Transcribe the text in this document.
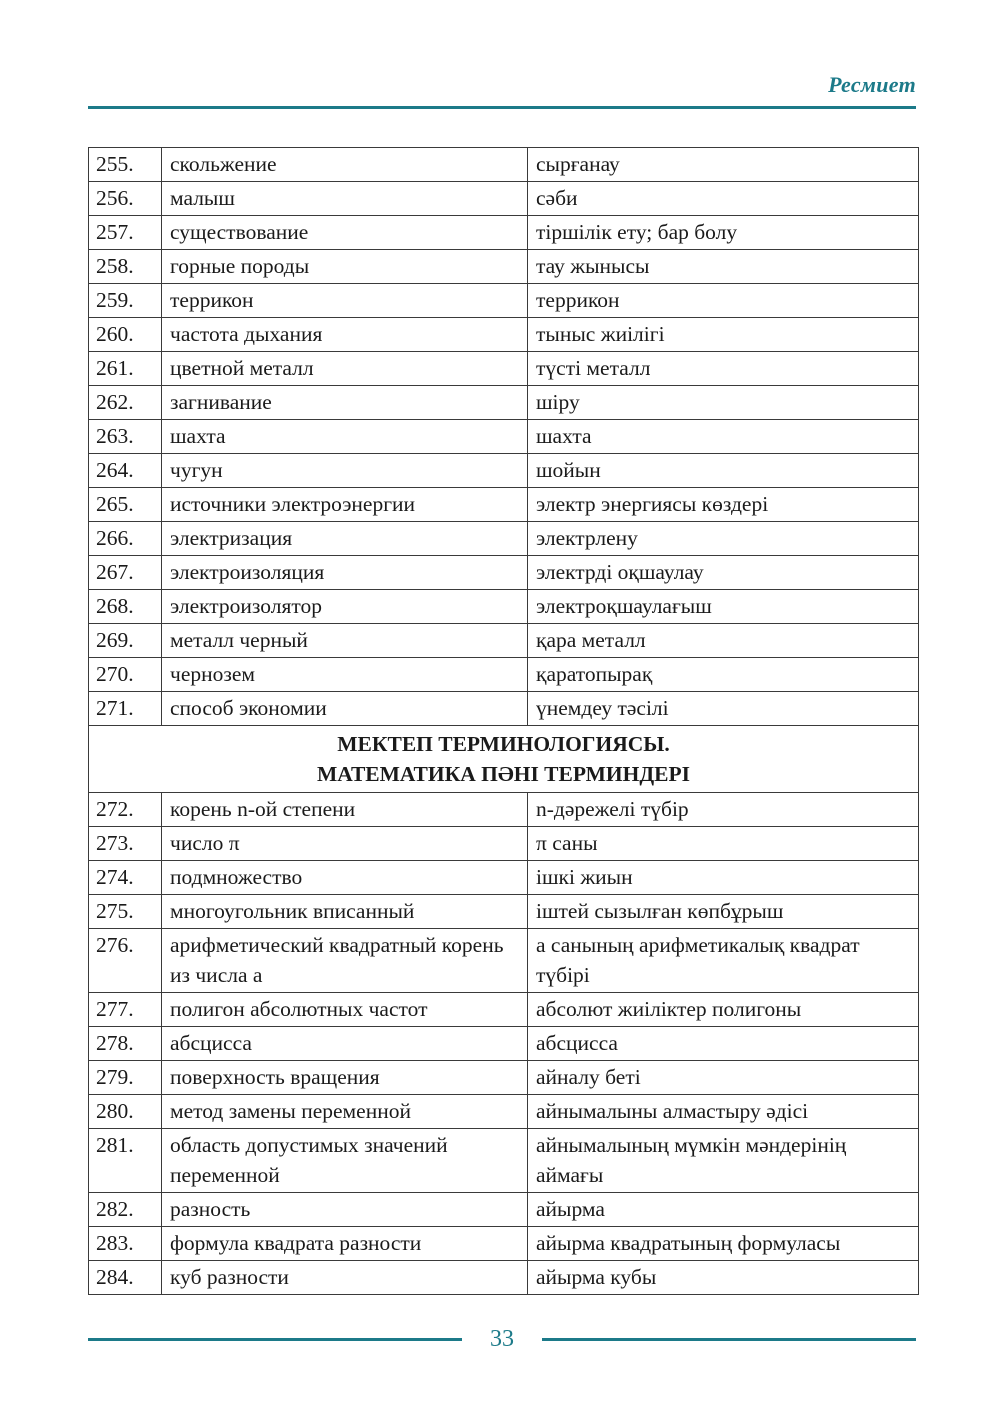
Ресмиет
255.	скольжение	сырғанау
256.	малыш	сәби
257.	существование	тіршілік ету; бар болу
258.	горные породы	тау жынысы
259.	террикон	террикон
260.	частота дыхания	тыныс жиілігі
261.	цветной металл	түсті металл
262.	загнивание	шіру
263.	шахта	шахта
264.	чугун	шойын
265.	источники электроэнергии	электр энергиясы көздері
266.	электризация	электрлену
267.	электроизоляция	электрді оқшаулау
268.	электроизолятор	электроқшаулағыш
269.	металл черный	қара металл
270.	чернозем	қаратопырақ
271.	способ экономии	үнемдеу тәсілі

МЕКТЕП ТЕРМИНОЛОГИЯСЫ.
МАТЕМАТИКА ПӘНІ ТЕРМИНДЕРІ		

272.	корень n-ой степени	n-дәрежелі түбір
273.	число π	π саны
274.	подмножество	ішкі жиын
275.	многоугольник вписанный	іштей сызылған көпбұрыш
276.	арифметический квадратный корень из числа a	a санының арифметикалық квадрат түбірі
277.	полигон абсолютных частот	абсолют жиіліктер полигоны
278.	абсцисса	абсцисса
279.	поверхность вращения	айналу беті
280.	метод замены переменной	айнымалыны алмастыру әдісі
281.	область допустимых значений переменной	айнымалының мүмкін мәндерінің аймағы
282.	разность	айырма
283.	формула квадрата разности	айырма квадратының формуласы
284.	куб разности	айырма кубы
33
